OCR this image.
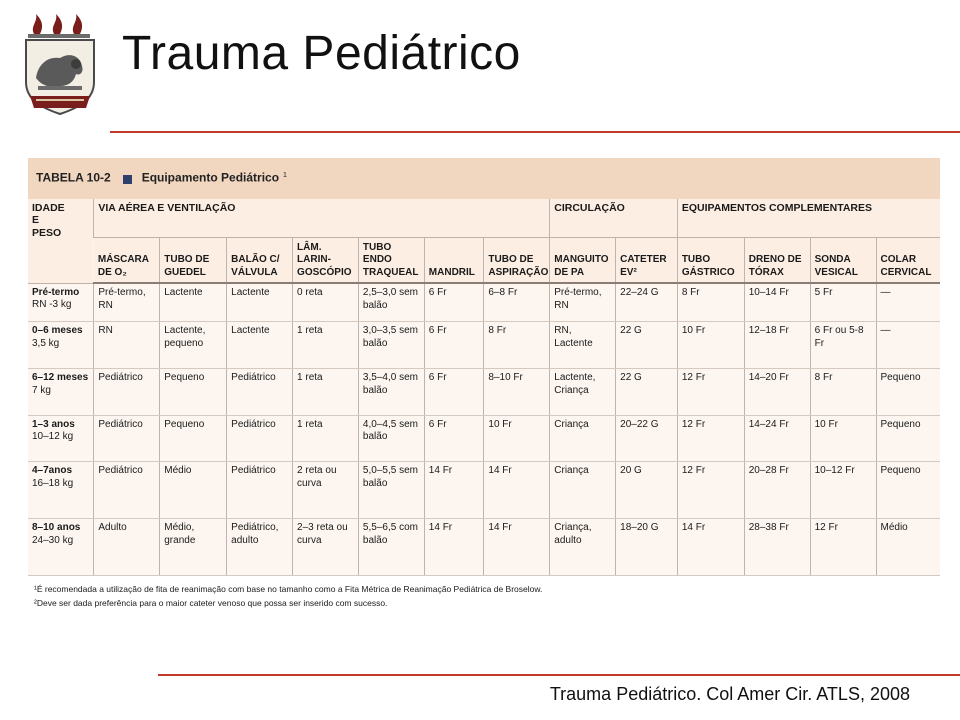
Trauma Pediátrico
TABELA 10-2 Equipamento Pediátrico $^1$
IDADE
E
PESO	VIA AÉREA E VENTILAÇÃO							CIRCULAÇÃO		EQUIPAMENTOS COMPLEMENTARES			
	MÁSCARA DE O₂	TUBO DE GUEDEL	BALÃO C/ VÁLVULA	LÂM. LARIN-GOSCÓPIO	TUBO ENDO TRAQUEAL	MANDRIL	TUBO DE ASPIRAÇÃO	MANGUITO DE PA	CATETER EV²	TUBO GÁSTRICO	DRENO DE TÓRAX	SONDA VESICAL	COLAR CERVICAL

Pré-termo
RN -3 kg	Pré-termo, RN	Lactente	Lactente	0 reta	2,5–3,0 sem balão	6 Fr	6–8 Fr	Pré-termo, RN	22–24 G	8 Fr	10–14 Fr	5 Fr	—

0–6 meses
3,5 kg	RN	Lactente, pequeno	Lactente	1 reta	3,0–3,5 sem balão	6 Fr	8 Fr	RN, Lactente	22 G	10 Fr	12–18 Fr	6 Fr ou 5-8 Fr	—

6–12 meses
7 kg	Pediátrico	Pequeno	Pediátrico	1 reta	3,5–4,0 sem balão	6 Fr	8–10 Fr	Lactente, Criança	22 G	12 Fr	14–20 Fr	8 Fr	Pequeno

1–3 anos
10–12 kg	Pediátrico	Pequeno	Pediátrico	1 reta	4,0–4,5 sem balão	6 Fr	10 Fr	Criança	20–22 G	12 Fr	14–24 Fr	10 Fr	Pequeno

4–7anos
16–18 kg	Pediátrico	Médio	Pediátrico	2 reta ou curva	5,0–5,5 sem balão	14 Fr	14 Fr	Criança	20 G	12 Fr	20–28 Fr	10–12 Fr	Pequeno

8–10 anos
24–30 kg	Adulto	Médio, grande	Pediátrico, adulto	2–3 reta ou curva	5,5–6,5 com balão	14 Fr	14 Fr	Criança, adulto	18–20 G	14 Fr	28–38 Fr	12 Fr	Médio

¹É recomendada a utilização de fita de reanimação com base no tamanho como a Fita Métrica de Reanimação Pediátrica de Broselow.
²Deve ser dada preferência para o maior cateter venoso que possa ser inserido com sucesso.													
Trauma Pediátrico. Col Amer Cir. ATLS, 2008
